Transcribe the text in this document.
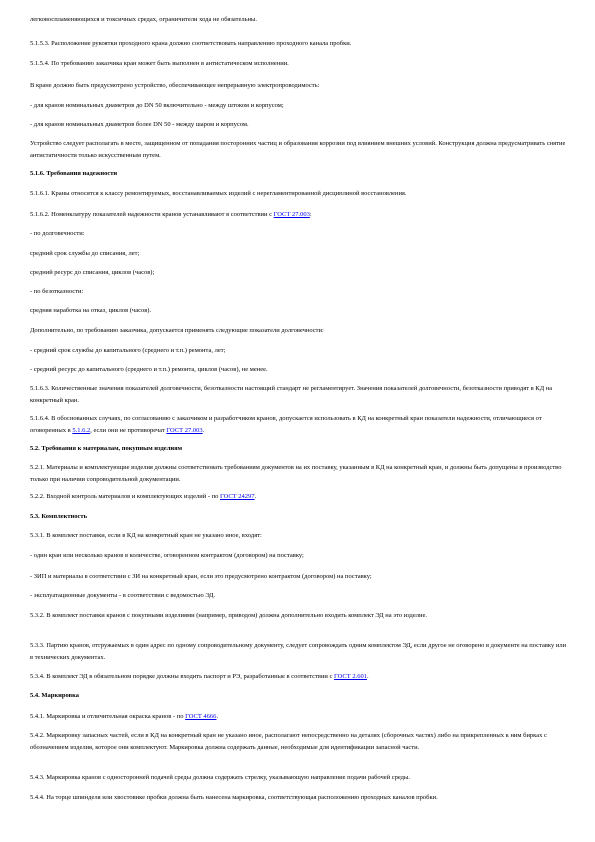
легковоспламеняющихся и токсичных средах, ограничители хода не обязательны.

5.1.5.3. Расположение рукоятки проходного крана должно соответствовать направлению проходного канала пробки.

5.1.5.4. По требованию заказчика кран может быть выполнен в антистатическом исполнении.

В кране должно быть предусмотрено устройство, обеспечивающее непрерывную электропроводимость:

- для кранов номинальных диаметров до DN 50 включительно - между штоком и корпусом;

- для кранов номинальных диаметров более DN 50 - между шаром и корпусом.

Устройство следует располагать в месте, защищенном от попадания посторонних частиц и образования коррозии под влиянием внешних условий. Конструкция должна предусматривать снятие антистатичности только искусственным путем.

5.1.6. Требования надежности

5.1.6.1. Краны относятся к классу ремонтируемых, восстанавливаемых изделий с нерегламентированной дисциплиной восстановления.

5.1.6.2. Номенклатуру показателей надежности кранов устанавливают в соответствии с ГОСТ 27.003:

- по долговечности:

средний срок службы до списания, лет;

средний ресурс до списания, циклов (часов);

- по безотказности:

средняя наработка на отказ, циклов (часов).

Дополнительно, по требованию заказчика, допускается применять следующие показатели долговечности:

- средний срок службы до капитального (среднего и т.п.) ремонта, лет;

- средний ресурс до капитального (среднего и т.п.) ремонта, циклов (часов), не менее.

5.1.6.3. Количественные значения показателей долговечности, безотказности настоящий стандарт не регламентирует. Значения показателей долговечности, безотказности приводят в КД на конкретный кран.

5.1.6.4. В обоснованных случаях, по согласованию с заказчиком и разработчиком кранов, допускается использовать в КД на конкретный кран показатели надежности, отличающиеся от оговоренных в 5.1.6.2, если они не противоречат ГОСТ 27.003.

5.2. Требования к материалам, покупным изделиям

5.2.1. Материалы и комплектующие изделия должны соответствовать требованиям документов на их поставку, указанным в КД на конкретный кран, и должны быть допущены в производство только при наличии сопроводительной документации.

5.2.2. Входной контроль материалов и комплектующих изделий - по ГОСТ 24297.

5.3. Комплектность

5.3.1. В комплект поставки, если в КД на конкретный кран не указано иное, входят:

- один кран или несколько кранов в количестве, оговоренном контрактом (договором) на поставку;

- ЗИП и материалы в соответствии с ЗИ на конкретный кран, если это предусмотрено контрактом (договором) на поставку;

- эксплуатационные документы - в соответствии с ведомостью ЭД.

5.3.2. В комплект поставки кранов с покупными изделиями (например, приводом) должна дополнительно входить комплект ЭД на это изделие.

5.3.3. Партию кранов, отгружаемых в один адрес по одному сопроводительному документу, следует сопровождать одним комплектом ЭД, если другое не оговорено в документе на поставку или в технических документах.

5.3.4. В комплект ЭД в обязательном порядке должны входить паспорт и РЭ, разработанные в соответствии с ГОСТ 2.601.

5.4. Маркировка

5.4.1. Маркировка и отличительная окраска кранов - по ГОСТ 4666.

5.4.2. Маркировку запасных частей, если в КД на конкретный кран не указано иное, располагают непосредственно на деталях (сборочных частях) либо на прикрепленных к ним бирках с обозначением изделия, которое они комплектуют. Маркировка должна содержать данные, необходимые для идентификации запасной части.

5.4.3. Маркировка кранов с односторонней подачей среды должна содержать стрелку, указывающую направление подачи рабочей среды.

5.4.4. На торце шпинделя или хвостовике пробки должна быть нанесена маркировка, соответствующая расположению проходных каналов пробки.
